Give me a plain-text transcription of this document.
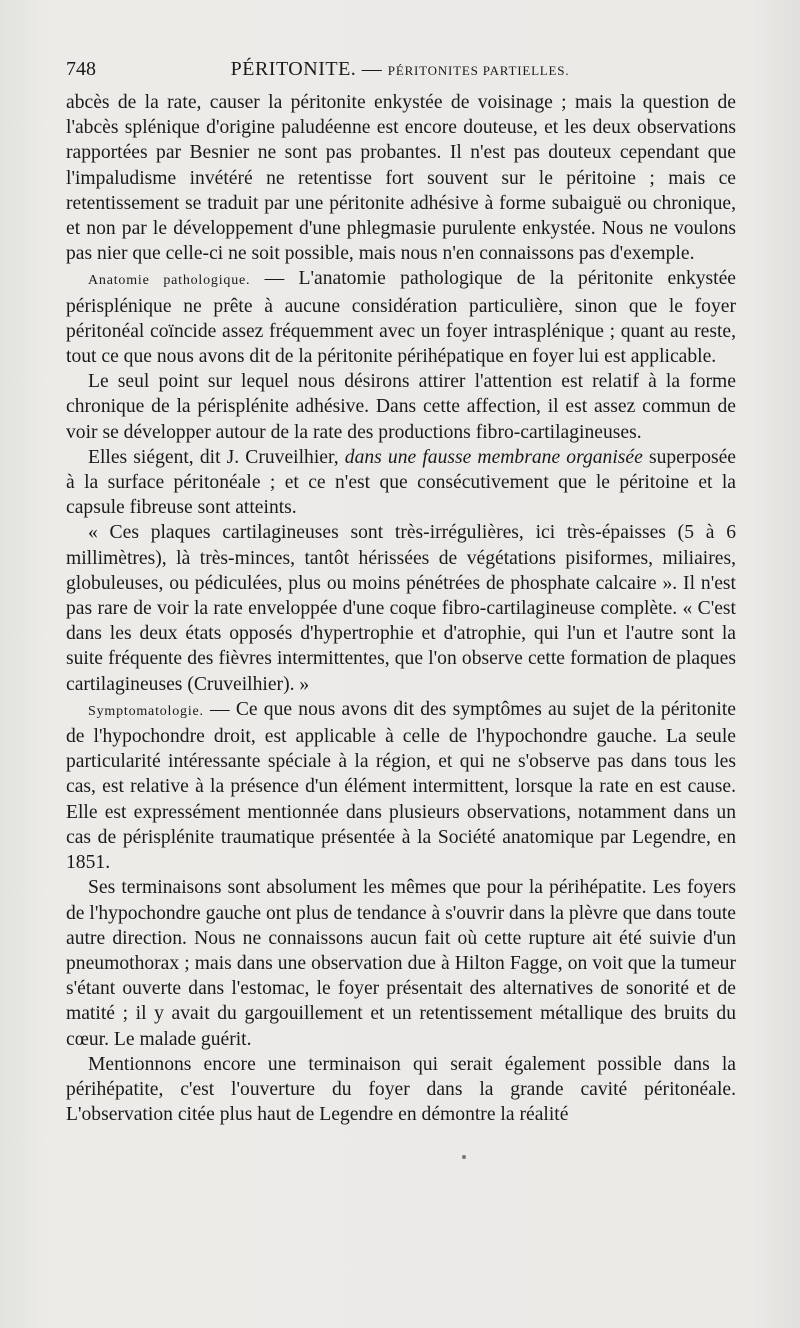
748	PÉRITONITE. — PÉRITONITES PARTIELLES.

abcès de la rate, causer la péritonite enkystée de voisinage ; mais la question de l'abcès splénique d'origine paludéenne est encore douteuse, et les deux observations rapportées par Besnier ne sont pas probantes. Il n'est pas douteux cependant que l'impaludisme invétéré ne retentisse fort souvent sur le péritoine ; mais ce retentissement se traduit par une péritonite adhésive à forme subaiguë ou chronique, et non par le développement d'une phlegmasie purulente enkystée. Nous ne voulons pas nier que celle-ci ne soit possible, mais nous n'en connaissons pas d'exemple.

Anatomie pathologique. — L'anatomie pathologique de la péritonite enkystée périsplénique ne prête à aucune considération particulière, sinon que le foyer péritonéal coïncide assez fréquemment avec un foyer intrasplénique ; quant au reste, tout ce que nous avons dit de la péritonite périhépatique en foyer lui est applicable.

Le seul point sur lequel nous désirons attirer l'attention est relatif à la forme chronique de la périsplénite adhésive. Dans cette affection, il est assez commun de voir se développer autour de la rate des productions fibro-cartilagineuses.

Elles siégent, dit J. Cruveilhier, dans une fausse membrane organisée superposée à la surface péritonéale ; et ce n'est que consécutivement que le péritoine et la capsule fibreuse sont atteints.

« Ces plaques cartilagineuses sont très-irrégulières, ici très-épaisses (5 à 6 millimètres), là très-minces, tantôt hérissées de végétations pisiformes, miliaires, globuleuses, ou pédiculées, plus ou moins pénétrées de phosphate calcaire ». Il n'est pas rare de voir la rate enveloppée d'une coque fibro-cartilagineuse complète. « C'est dans les deux états opposés d'hypertrophie et d'atrophie, qui l'un et l'autre sont la suite fréquente des fièvres intermittentes, que l'on observe cette formation de plaques cartilagineuses (Cruveilhier). »

Symptomatologie. — Ce que nous avons dit des symptômes au sujet de la péritonite de l'hypochondre droit, est applicable à celle de l'hypochondre gauche. La seule particularité intéressante spéciale à la région, et qui ne s'observe pas dans tous les cas, est relative à la présence d'un élément intermittent, lorsque la rate en est cause. Elle est expressément mentionnée dans plusieurs observations, notamment dans un cas de périsplénite traumatique présentée à la Société anatomique par Legendre, en 1851.

Ses terminaisons sont absolument les mêmes que pour la périhépatite. Les foyers de l'hypochondre gauche ont plus de tendance à s'ouvrir dans la plèvre que dans toute autre direction. Nous ne connaissons aucun fait où cette rupture ait été suivie d'un pneumothorax ; mais dans une observation due à Hilton Fagge, on voit que la tumeur s'étant ouverte dans l'estomac, le foyer présentait des alternatives de sonorité et de matité ; il y avait du gargouillement et un retentissement métallique des bruits du cœur. Le malade guérit.

Mentionnons encore une terminaison qui serait également possible dans la périhépatite, c'est l'ouverture du foyer dans la grande cavité péritonéale. L'observation citée plus haut de Legendre en démontre la réalité
